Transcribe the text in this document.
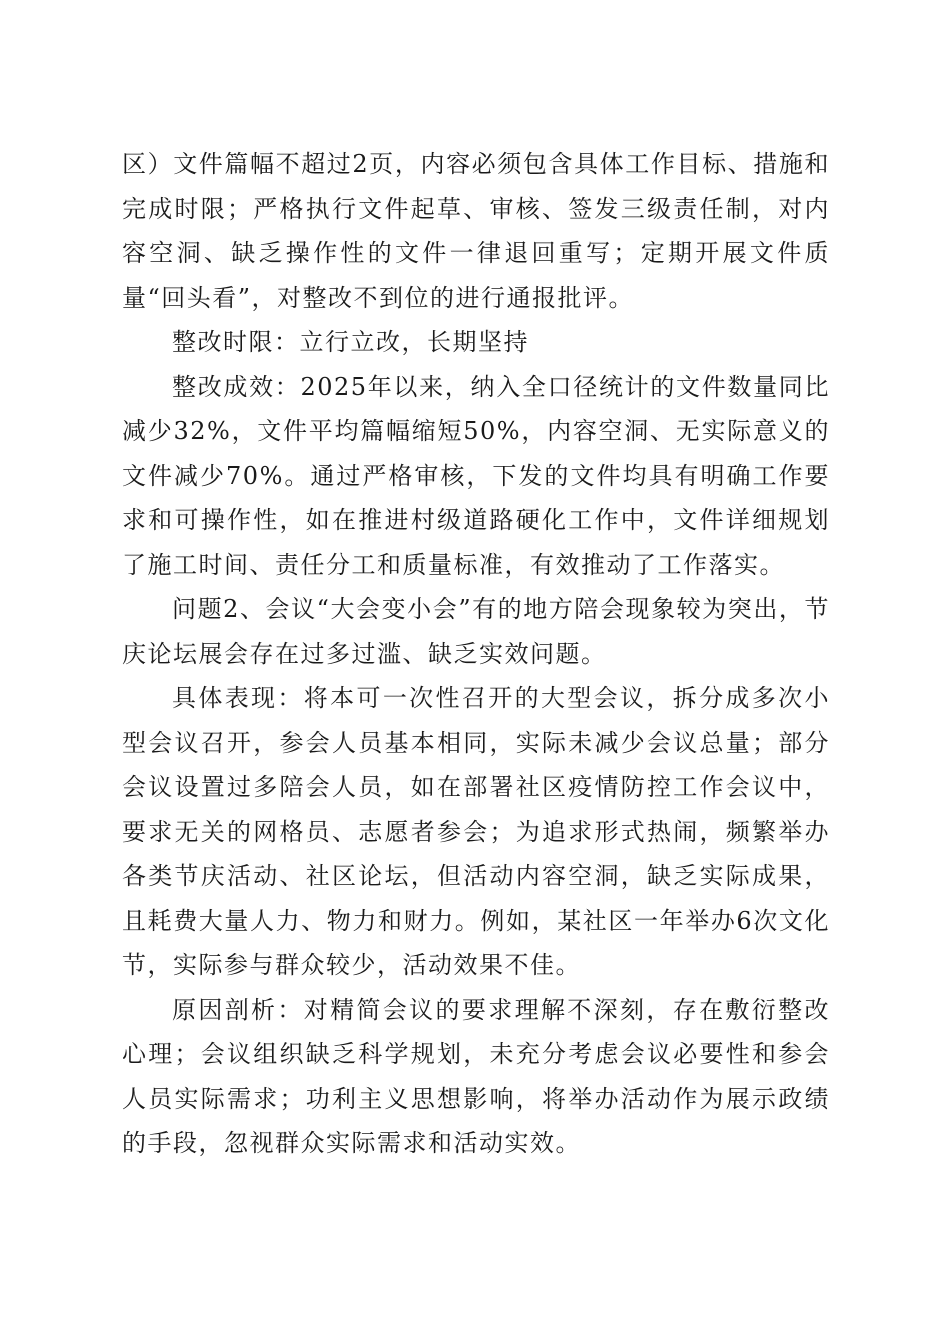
区）文件篇幅不超过2页，内容必须包含具体工作目标、措施和完成时限；严格执行文件起草、审核、签发三级责任制，对内容空洞、缺乏操作性的文件一律退回重写；定期开展文件质量“回头看”，对整改不到位的进行通报批评。

整改时限：立行立改，长期坚持

整改成效：2025年以来，纳入全口径统计的文件数量同比减少32%，文件平均篇幅缩短50%，内容空洞、无实际意义的文件减少70%。通过严格审核，下发的文件均具有明确工作要求和可操作性，如在推进村级道路硬化工作中，文件详细规划了施工时间、责任分工和质量标准，有效推动了工作落实。

问题2、会议“大会变小会”有的地方陪会现象较为突出，节庆论坛展会存在过多过滥、缺乏实效问题。

具体表现：将本可一次性召开的大型会议，拆分成多次小型会议召开，参会人员基本相同，实际未减少会议总量；部分会议设置过多陪会人员，如在部署社区疫情防控工作会议中，要求无关的网格员、志愿者参会；为追求形式热闹，频繁举办各类节庆活动、社区论坛，但活动内容空洞，缺乏实际成果，且耗费大量人力、物力和财力。例如，某社区一年举办6次文化节，实际参与群众较少，活动效果不佳。

原因剖析：对精简会议的要求理解不深刻，存在敷衍整改心理；会议组织缺乏科学规划，未充分考虑会议必要性和参会人员实际需求；功利主义思想影响，将举办活动作为展示政绩的手段，忽视群众实际需求和活动实效。
